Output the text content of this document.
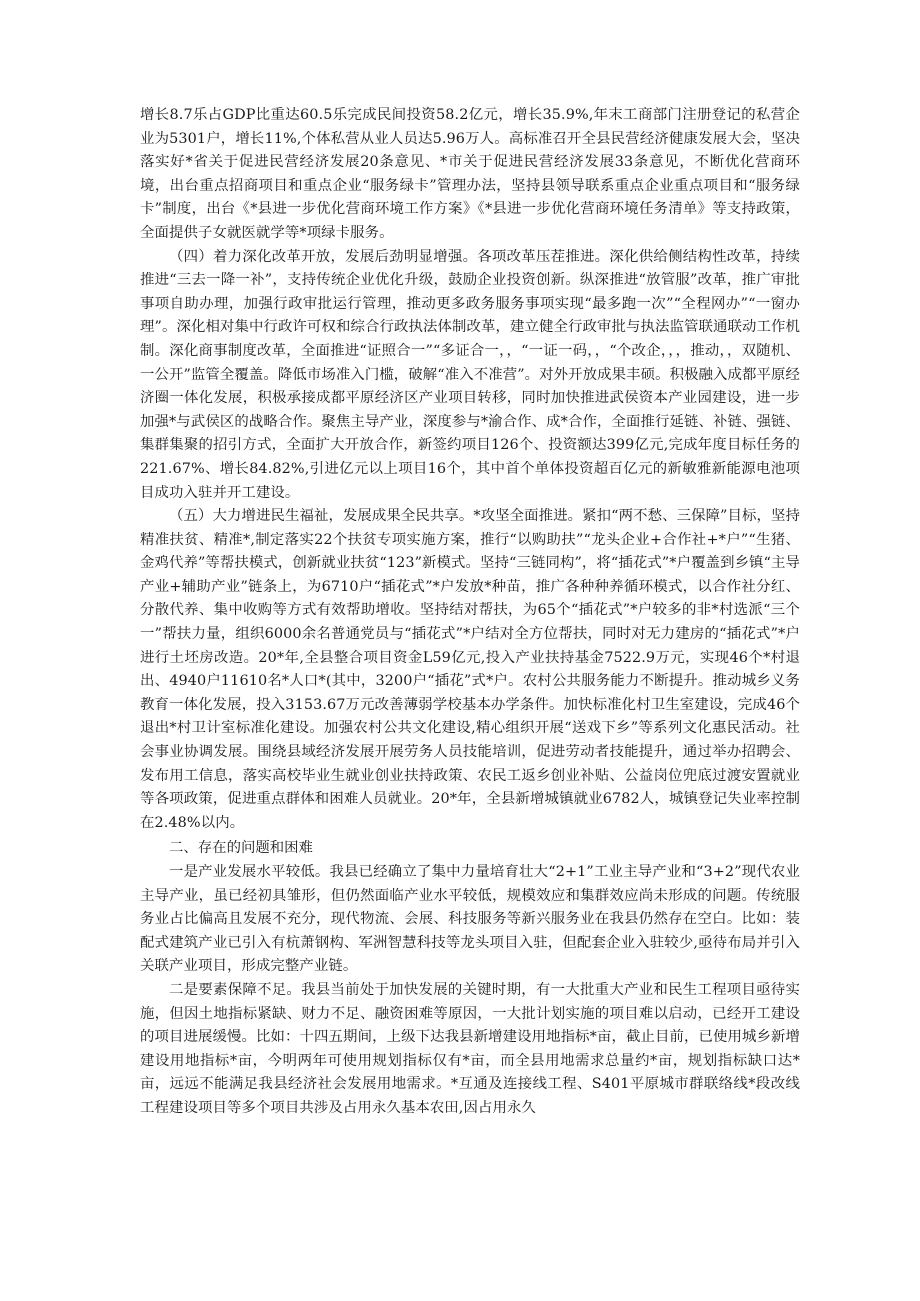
增长8.7乐占GDP比重达60.5乐完成民间投资58.2亿元，增长35.9%,年末工商部门注册登记的私营企业为5301户，增长11%,个体私营从业人员达5.96万人。高标准召开全县民营经济健康发展大会，坚决落实好*省关于促进民营经济发展20条意见、*市关于促进民营经济发展33条意见，不断优化营商环境，出台重点招商项目和重点企业“服务绿卡”管理办法，坚持县领导联系重点企业重点项目和“服务绿卡”制度，出台《*县进一步优化营商环境工作方案》《*县进一步优化营商环境任务清单》等支持政策，全面提供子女就医就学等*项绿卡服务。

（四）着力深化改革开放，发展后劲明显增强。各项改革压茬推进。深化供给侧结构性改革，持续推进“三去一降一补”，支持传统企业优化升级，鼓励企业投资创新。纵深推进“放管服”改革，推广审批事项自助办理，加强行政审批运行管理，推动更多政务服务事项实现“最多跑一次”“全程网办”“一窗办理”。深化相对集中行政许可权和综合行政执法体制改革，建立健全行政审批与执法监管联通联动工作机制。深化商事制度改革，全面推进“证照合一”“多证合一，，“一证一码，，“个改企，，，推动，，双随机、一公开”监管全覆盖。降低市场准入门槛，破解“准入不准营”。对外开放成果丰硕。积极融入成都平原经济圈一体化发展，积极承接成都平原经济区产业项目转移，同时加快推进武侯资本产业园建设，进一步加强*与武侯区的战略合作。聚焦主导产业，深度参与*渝合作、成*合作，全面推行延链、补链、强链、集群集聚的招引方式，全面扩大开放合作，新签约项目126个、投资额达399亿元,完成年度目标任务的221.67%、增长84.82%,引进亿元以上项目16个，其中首个单体投资超百亿元的新敏雅新能源电池项目成功入驻并开工建设。

（五）大力增进民生福祉，发展成果全民共享。*攻坚全面推进。紧扣“两不愁、三保障”目标，坚持精准扶贫、精准*,制定落实22个扶贫专项实施方案，推行“以购助扶”“龙头企业+合作社+*户”“生猪、金鸡代养”等帮扶模式，创新就业扶贫“123”新模式。坚持“三链同构”，将“插花式”*户覆盖到乡镇“主导产业+辅助产业”链条上，为6710户“插花式”*户发放*种苗，推广各种种养循环模式，以合作社分红、分散代养、集中收购等方式有效帮助增收。坚持结对帮扶，为65个“插花式”*户较多的非*村选派“三个一”帮扶力量，组织6000余名普通党员与“插花式”*户结对全方位帮扶，同时对无力建房的“插花式”*户进行土坯房改造。20*年,全县整合项目资金L59亿元,投入产业扶持基金7522.9万元，实现46个*村退出、4940户11610名*人口*(其中，3200户“插花”式*户。农村公共服务能力不断提升。推动城乡义务教育一体化发展，投入3153.67万元改善薄弱学校基本办学条件。加快标准化村卫生室建设，完成46个退出*村卫计室标准化建设。加强农村公共文化建设,精心组织开展“送戏下乡”等系列文化惠民活动。社会事业协调发展。围绕县域经济发展开展劳务人员技能培训，促进劳动者技能提升，通过举办招聘会、发布用工信息，落实高校毕业生就业创业扶持政策、农民工返乡创业补贴、公益岗位兜底过渡安置就业等各项政策，促进重点群体和困难人员就业。20*年，全县新增城镇就业6782人，城镇登记失业率控制在2.48%以内。

二、存在的问题和困难

一是产业发展水平较低。我县已经确立了集中力量培育壮大“2+1”工业主导产业和“3+2”现代农业主导产业，虽已经初具雏形，但仍然面临产业水平较低，规模效应和集群效应尚未形成的问题。传统服务业占比偏高且发展不充分，现代物流、会展、科技服务等新兴服务业在我县仍然存在空白。比如：装配式建筑产业已引入有杭萧钢构、军洲智慧科技等龙头项目入驻，但配套企业入驻较少,亟待布局并引入关联产业项目，形成完整产业链。

二是要素保障不足。我县当前处于加快发展的关键时期，有一大批重大产业和民生工程项目亟待实施，但因土地指标紧缺、财力不足、融资困难等原因，一大批计划实施的项目难以启动，已经开工建设的项目进展缓慢。比如：十四五期间，上级下达我县新增建设用地指标*亩，截止目前，已使用城乡新增建设用地指标*亩，今明两年可使用规划指标仅有*亩，而全县用地需求总量约*亩，规划指标缺口达*亩，远远不能满足我县经济社会发展用地需求。*互通及连接线工程、S401平原城市群联络线*段改线工程建设项目等多个项目共涉及占用永久基本农田,因占用永久
